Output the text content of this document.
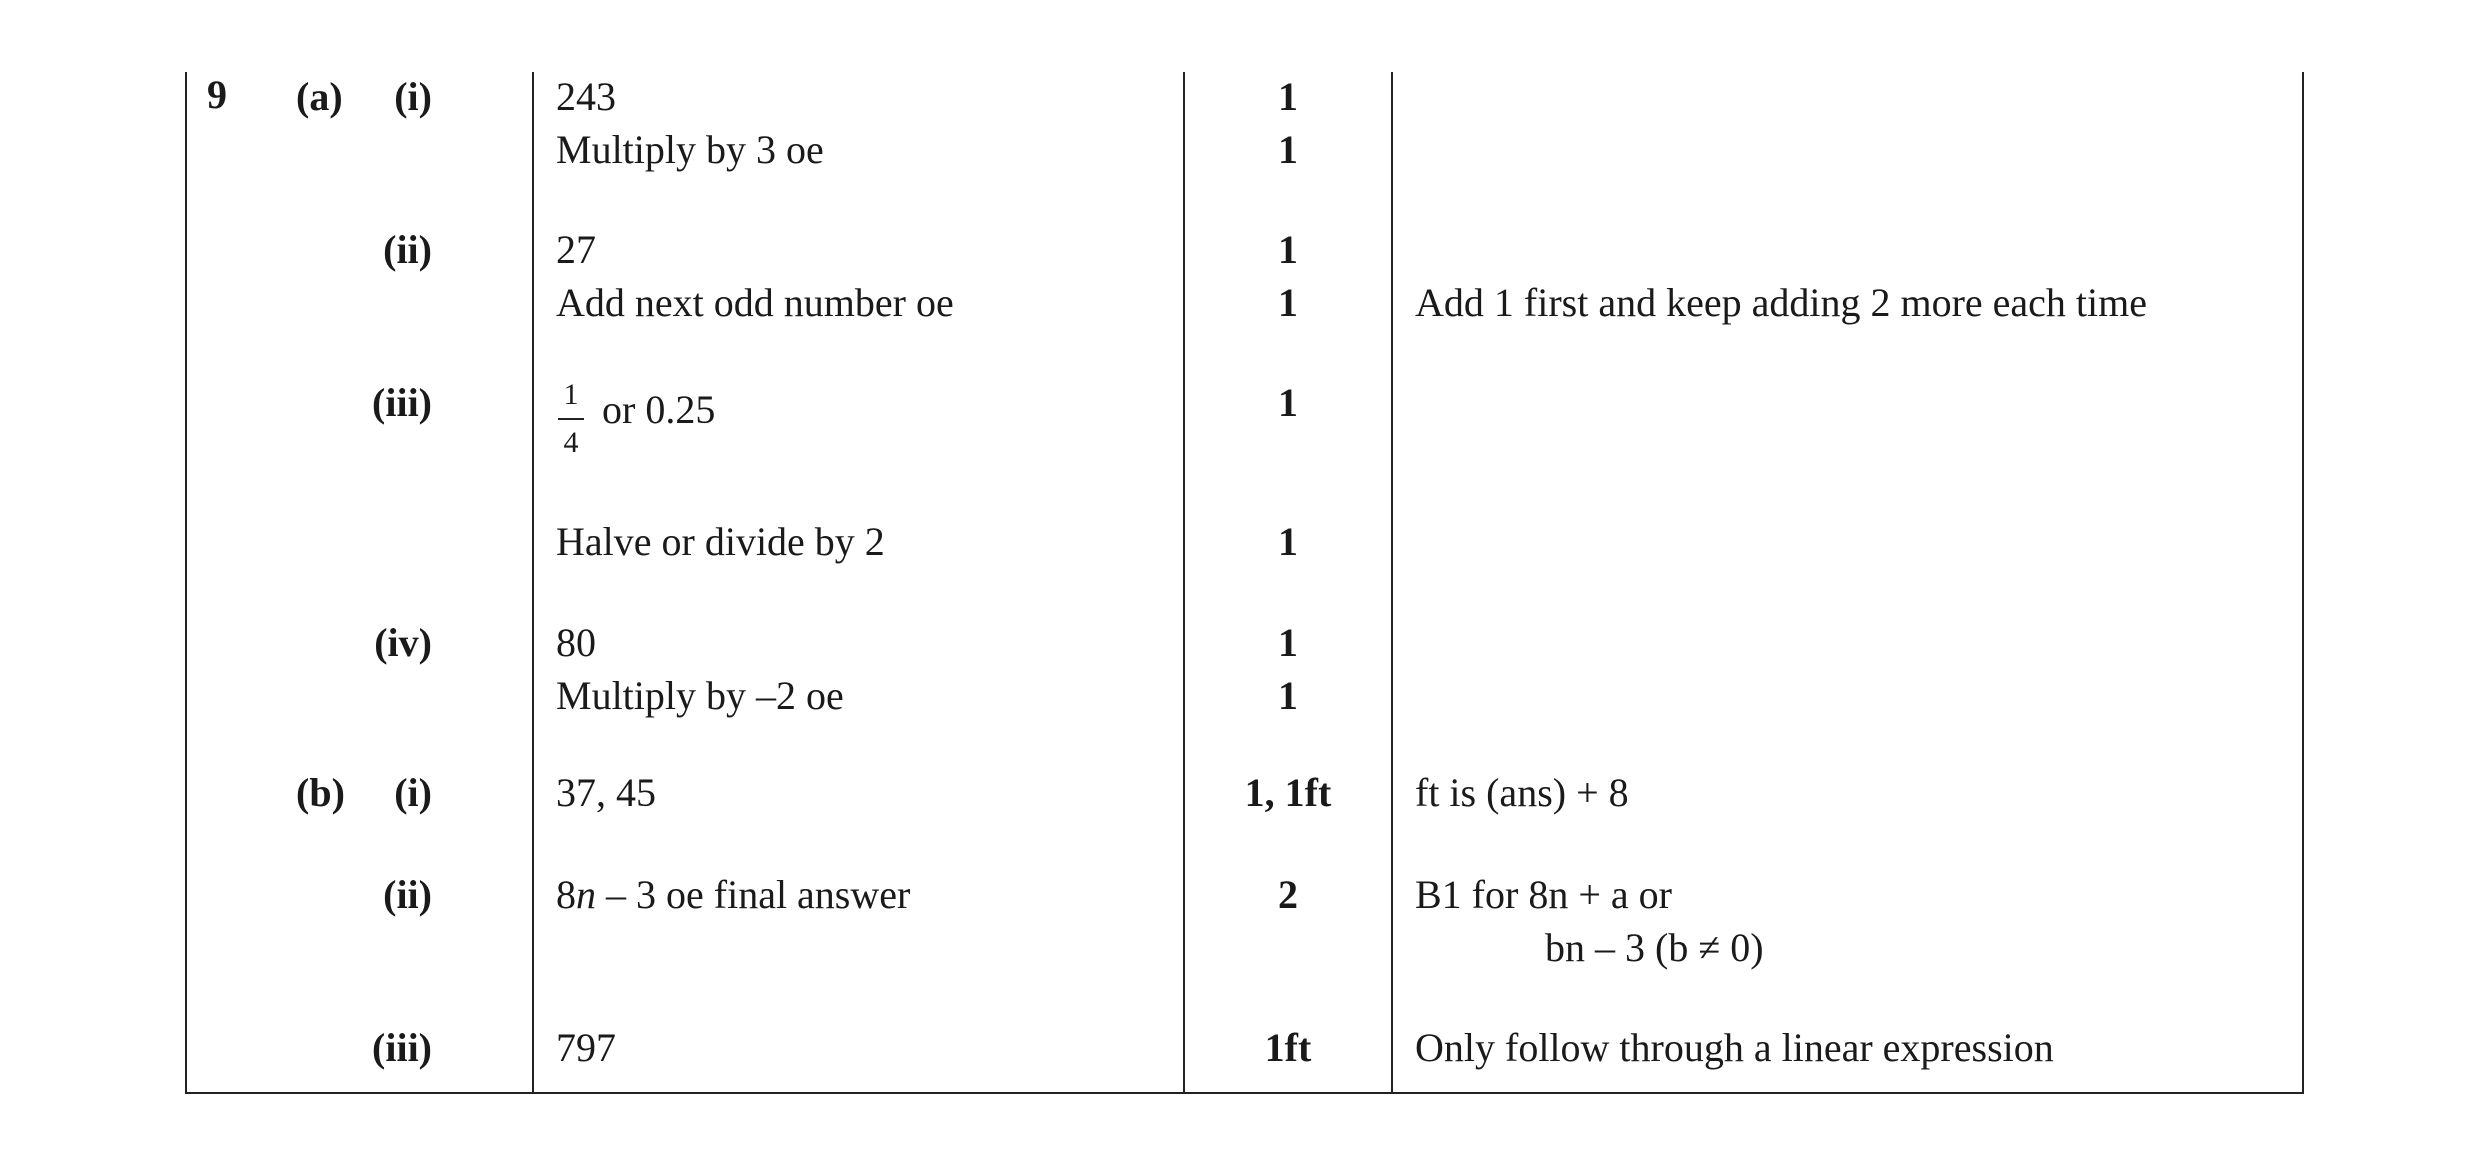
9 (a)
(b)
(i)
(ii)
(iii)
(iv)
(i)
(ii)
(iii)
243
Multiply by 3 oe
27
Add next odd number oe
1
4
or 0.25
Halve or divide by 2
80
Multiply by –2 oe
37, 45
8n – 3 oe final answer
797
1
1
1
1
1
1
1
1
1, 1ft
2
1ft
Add 1 first and keep adding 2 more each time
ft is (ans) + 8
B1 for 8n + a or
bn – 3 (b ≠ 0)
Only follow through a linear expression
